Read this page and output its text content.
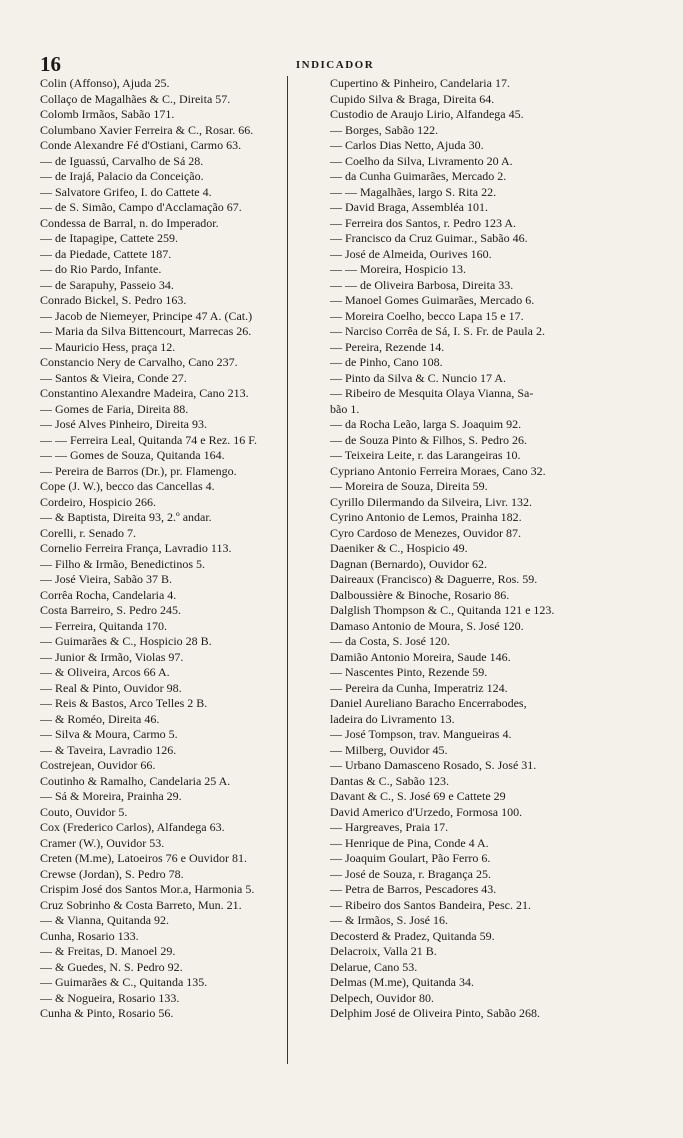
16	INDICADOR
Colin (Affonso), Ajuda 25.
Collaço de Magalhães & C., Direita 57.
Colomb Irmãos, Sabão 171.
Columbano Xavier Ferreira & C., Rosar. 66.
Conde Alexandre Fé d'Ostiani, Carmo 63.
— de Iguassú, Carvalho de Sá 28.
— de Irajá, Palacio da Conceição.
— Salvatore Grifeo, I. do Cattete 4.
— de S. Simão, Campo d'Acclamação 67.
Condessa de Barral, n. do Imperador.
— de Itapagipe, Cattete 259.
— da Piedade, Cattete 187.
— do Rio Pardo, Infante.
— de Sarapuhy, Passeio 34.
Conrado Bickel, S. Pedro 163.
— Jacob de Niemeyer, Principe 47 A. (Cat.)
— Maria da Silva Bittencourt, Marrecas 26.
— Mauricio Hess, praça 12.
Constancio Nery de Carvalho, Cano 237.
— Santos & Vieira, Conde 27.
Constantino Alexandre Madeira, Cano 213.
— Gomes de Faria, Direita 88.
— José Alves Pinheiro, Direita 93.
— — Ferreira Leal, Quitanda 74 e Rez. 16 F.
— — Gomes de Souza, Quitanda 164.
— Pereira de Barros (Dr.), pr. Flamengo.
Cope (J. W.), becco das Cancellas 4.
Cordeiro, Hospicio 266.
— & Baptista, Direita 93, 2.º andar.
Corelli, r. Senado 7.
Cornelio Ferreira França, Lavradio 113.
— Filho & Irmão, Benedictinos 5.
— José Vieira, Sabão 37 B.
Corrêa Rocha, Candelaria 4.
Costa Barreiro, S. Pedro 245.
— Ferreira, Quitanda 170.
— Guimarães & C., Hospicio 28 B.
— Junior & Irmão, Violas 97.
— & Oliveira, Arcos 66 A.
— Real & Pinto, Ouvidor 98.
— Reis & Bastos, Arco Telles 2 B.
— & Roméo, Direita 46.
— Silva & Moura, Carmo 5.
— & Taveira, Lavradio 126.
Costrejean, Ouvidor 66.
Coutinho & Ramalho, Candelaria 25 A.
— Sá & Moreira, Prainha 29.
Couto, Ouvidor 5.
Cox (Frederico Carlos), Alfandega 63.
Cramer (W.), Ouvidor 53.
Creten (M.me), Latoeiros 76 e Ouvidor 81.
Crewse (Jordan), S. Pedro 78.
Crispim José dos Santos Mor.a, Harmonia 5.
Cruz Sobrinho & Costa Barreto, Mun. 21.
— & Vianna, Quitanda 92.
Cunha, Rosario 133.
— & Freitas, D. Manoel 29.
— & Guedes, N. S. Pedro 92.
— Guimarães & C., Quitanda 135.
— & Nogueira, Rosario 133.
Cunha & Pinto, Rosario 56.
Cupertino & Pinheiro, Candelaria 17.
Cupido Silva & Braga, Direita 64.
Custodio de Araujo Lirio, Alfandega 45.
— Borges, Sabão 122.
— Carlos Dias Netto, Ajuda 30.
— Coelho da Silva, Livramento 20 A.
— da Cunha Guimarães, Mercado 2.
— — Magalhães, largo S. Rita 22.
— David Braga, Assembléa 101.
— Ferreira dos Santos, r. Pedro 123 A.
— Francisco da Cruz Guimar., Sabão 46.
— José de Almeida, Ourives 160.
— — Moreira, Hospicio 13.
— — de Oliveira Barbosa, Direita 33.
— Manoel Gomes Guimarães, Mercado 6.
— Moreira Coelho, becco Lapa 15 e 17.
— Narciso Corrêa de Sá, I. S. Fr. de Paula 2.
— Pereira, Rezende 14.
— de Pinho, Cano 108.
— Pinto da Silva & C. Nuncio 17 A.
— Ribeiro de Mesquita Olaya Vianna, Sa-
bão 1.
— da Rocha Leão, larga S. Joaquim 92.
— de Souza Pinto & Filhos, S. Pedro 26.
— Teixeira Leite, r. das Larangeiras 10.
Cypriano Antonio Ferreira Moraes, Cano 32.
— Moreira de Souza, Direita 59.
Cyrillo Dilermando da Silveira, Livr. 132.
Cyrino Antonio de Lemos, Prainha 182.
Cyro Cardoso de Menezes, Ouvidor 87.
Daeniker & C., Hospicio 49.
Dagnan (Bernardo), Ouvidor 62.
Daireaux (Francisco) & Daguerre, Ros. 59.
Dalboussière & Binoche, Rosario 86.
Dalglish Thompson & C., Quitanda 121 e 123.
Damaso Antonio de Moura, S. José 120.
— da Costa, S. José 120.
Damião Antonio Moreira, Saude 146.
— Nascentes Pinto, Rezende 59.
— Pereira da Cunha, Imperatriz 124.
Daniel Aureliano Baracho Encerrabodes,
ladeira do Livramento 13.
— José Tompson, trav. Mangueiras 4.
— Milberg, Ouvidor 45.
— Urbano Damasceno Rosado, S. José 31.
Dantas & C., Sabão 123.
Davant & C., S. José 69 e Cattete 29
David Americo d'Urzedo, Formosa 100.
— Hargreaves, Praia 17.
— Henrique de Pina, Conde 4 A.
— Joaquim Goulart, Pão Ferro 6.
— José de Souza, r. Bragança 25.
— Petra de Barros, Pescadores 43.
— Ribeiro dos Santos Bandeira, Pesc. 21.
— & Irmãos, S. José 16.
Decosterd & Pradez, Quitanda 59.
Delacroix, Valla 21 B.
Delarue, Cano 53.
Delmas (M.me), Quitanda 34.
Delpech, Ouvidor 80.
Delphim José de Oliveira Pinto, Sabão 268.
